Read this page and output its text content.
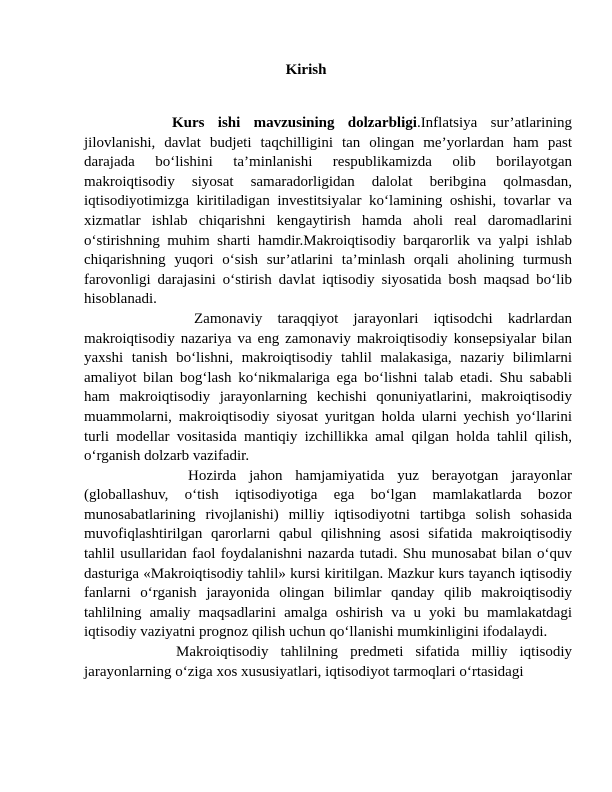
Kirish

Kurs ishi mavzusining dolzarbligi.Inflatsiya sur’atlarining jilovlanishi, davlat budjeti taqchilligini tan olingan me’yorlardan ham past darajada bo‘lishini ta’minlanishi respublikamizda olib borilayotgan makroiqtisodiy siyosat samaradorligidan dalolat beribgina qolmasdan, iqtisodiyotimizga kiritiladigan investitsiyalar ko‘lamining oshishi, tovarlar va xizmatlar ishlab chiqarishni kengaytirish hamda aholi real daromadlarini o‘stirishning muhim sharti hamdir.Makroiqtisodiy barqarorlik va yalpi ishlab chiqarishning yuqori o‘sish sur’atlarini ta’minlash orqali aholining turmush farovonligi darajasini o‘stirish davlat iqtisodiy siyosatida bosh maqsad bo‘lib hisoblanadi.

Zamonaviy taraqqiyot jarayonlari iqtisodchi kadrlardan makroiqtisodiy nazariya va eng zamonaviy makroiqtisodiy konsepsiyalar bilan yaxshi tanish bo‘lishni, makroiqtisodiy tahlil malakasiga, nazariy bilimlarni amaliyot bilan bog‘lash ko‘nikmalariga ega bo‘lishni talab etadi. Shu sababli ham makroiqtisodiy jarayonlarning kechishi qonuniyatlarini, makroiqtisodiy muammolarni, makroiqtisodiy siyosat yuritgan holda ularni yechish yo‘llarini turli modellar vositasida mantiqiy izchillikka amal qilgan holda tahlil qilish, o‘rganish dolzarb vazifadir.

Hozirda jahon hamjamiyatida yuz berayotgan jarayonlar (globallashuv, o‘tish iqtisodiyotiga ega bo‘lgan mamlakatlarda bozor munosabatlarining rivojlanishi) milliy iqtisodiyotni tartibga solish sohasida muvofiqlashtirilgan qarorlarni qabul qilishning asosi sifatida makroiqtisodiy tahlil usullaridan faol foydalanishni nazarda tutadi. Shu munosabat bilan o‘quv dasturiga «Makroiqtisodiy tahlil» kursi kiritilgan. Mazkur kurs tayanch iqtisodiy fanlarni o‘rganish jarayonida olingan bilimlar qanday qilib makroiqtisodiy tahlilning amaliy maqsadlarini amalga oshirish va u yoki bu mamlakatdagi iqtisodiy vaziyatni prognoz qilish uchun qo‘llanishi mumkinligini ifodalaydi.

Makroiqtisodiy tahlilning predmeti sifatida milliy iqtisodiy jarayonlarning o‘ziga xos xususiyatlari, iqtisodiyot tarmoqlari o‘rtasidagi
